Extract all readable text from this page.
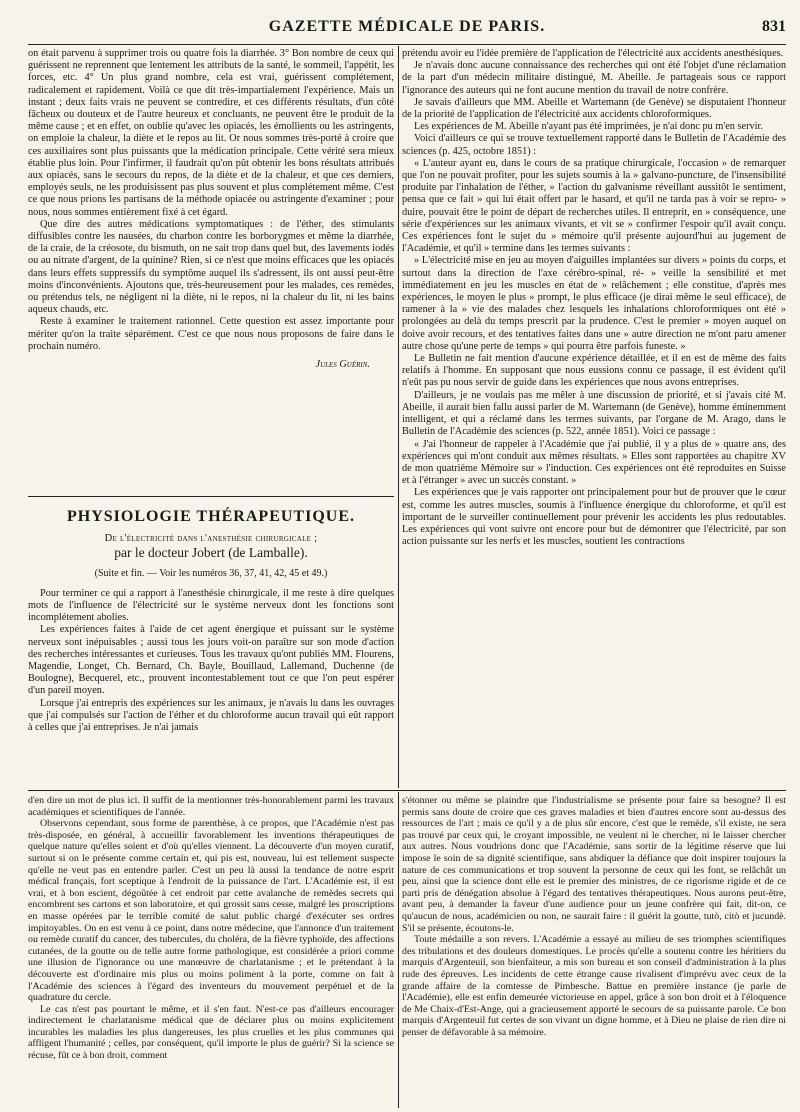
GAZETTE MÉDICALE DE PARIS.	831

on était parvenu à supprimer trois ou quatre fois la diarrhée. 3° Bon nombre de ceux qui guérissent ne reprennent que lentement les attributs de la santé, le sommeil, l'appétit, les forces, etc. 4° Un plus grand nombre, cela est vrai, guérissent complétement, radicalement et rapidement. Voilà ce que dit très-impartialement l'expérience. Mais un instant ; deux faits vrais ne peuvent se contredire, et ces différents résultats, d'un côté fâcheux ou douteux et de l'autre heureux et concluants, ne peuvent être le produit de la même cause ; et en effet, on oublie qu'avec les opiacés, les émollients ou les astringents, on emploie la chaleur, la diète et le repos au lit. Or nous sommes très-porté à croire que ces auxiliaires sont plus puissants que la médication principale. Cette vérité sera mieux établie plus loin. Pour l'infirmer, il faudrait qu'on pût obtenir les bons résultats attribués aux opiacés, sans le secours du repos, de la diète et de la chaleur, et que ces derniers, employés seuls, ne les produisissent pas plus souvent et plus complétement même. C'est ce que nous prions les partisans de la méthode opiacée ou astringente d'examiner ; pour nous, nous sommes entièrement fixé à cet égard.

Que dire des autres médications symptomatiques : de l'éther, des stimulants diffusibles contre les nausées, du charbon contre les borborygmes et même la diarrhée, de la craie, de la créosote, du bismuth, on ne sait trop dans quel but, des lavements iodés ou au nitrate d'argent, de la quinine? Rien, si ce n'est que moins efficaces que les opiacés dans leurs effets suppressifs du symptôme auquel ils s'adressent, ils ont aussi peut-être moins d'inconvénients. Ajoutons que, très-heureusement pour les malades, ces remèdes, ou prétendus tels, ne négligent ni la diète, ni le repos, ni la chaleur du lit, ni les bains aqueux chauds, etc.

Reste à examiner le traitement rationnel. Cette question est assez importante pour mériter qu'on la traite séparément. C'est ce que nous nous proposons de faire dans le prochain numéro.

Jules Guérin.
PHYSIOLOGIE THÉRAPEUTIQUE.
De l'électricité dans l'anesthésie chirurgicale ;
par le docteur Jobert (de Lamballe).
(Suite et fin. — Voir les numéros 36, 37, 41, 42, 45 et 49.)

Pour terminer ce qui a rapport à l'anesthésie chirurgicale, il me reste à dire quelques mots de l'influence de l'électricité sur le système nerveux dont les fonctions sont incomplétement abolies.

Les expériences faites à l'aide de cet agent énergique et puissant sur le système nerveux sont inépuisables ; aussi tous les jours voit-on paraître sur son mode d'action des recherches intéressantes et curieuses. Tous les travaux qu'ont publiés MM. Flourens, Magendie, Longet, Ch. Bernard, Ch. Bayle, Bouillaud, Lallemand, Duchenne (de Boulogne), Becquerel, etc., prouvent incontestablement tout ce que l'on peut espérer d'un pareil moyen.

Lorsque j'ai entrepris des expériences sur les animaux, je n'avais lu dans les ouvrages que j'ai compulsés sur l'action de l'éther et du chloroforme aucun travail qui eût rapport à celles que j'ai entreprises. Je n'ai jamais

prétendu avoir eu l'idée première de l'application de l'électricité aux accidents anesthésiques.

Je n'avais donc aucune connaissance des recherches qui ont été l'objet d'une réclamation de la part d'un médecin militaire distingué, M. Abeille. Je partageais sous ce rapport l'ignorance des auteurs qui ne font aucune mention du travail de notre confrère.

Je savais d'ailleurs que MM. Abeille et Wartemann (de Genève) se disputaient l'honneur de la priorité de l'application de l'électricité aux accidents chloroformiques.

Les expériences de M. Abeille n'ayant pas été imprimées, je n'ai donc pu m'en servir.

Voici d'ailleurs ce qui se trouve textuellement rapporté dans le Bulletin de l'Académie des sciences (p. 425, octobre 1851) :

« L'auteur ayant eu, dans le cours de sa pratique chirurgicale, l'occasion » de remarquer que l'on ne pouvait profiter, pour les sujets soumis à la » galvano-puncture, de l'insensibilité produite par l'inhalation de l'éther, » l'action du galvanisme réveillant aussitôt le sentiment, pensa que ce fait » qui lui était offert par le hasard, et qu'il ne tarda pas à voir se repro- » duire, pouvait être le point de départ de recherches utiles. Il entreprit, en » conséquence, une série d'expériences sur les animaux vivants, et vit se » confirmer l'espoir qu'il avait conçu. Ces expériences font le sujet du » mémoire qu'il présente aujourd'hui au jugement de l'Académie, et qu'il » termine dans les termes suivants :

» L'électricité mise en jeu au moyen d'aiguilles implantées sur divers » points du corps, et surtout dans la direction de l'axe cérébro-spinal, ré- » veille la sensibilité et met immédiatement en jeu les muscles en état de » relâchement ; elle constitue, d'après mes expériences, le moyen le plus » prompt, le plus efficace (je dirai même le seul efficace), de ramener à la » vie des malades chez lesquels les inhalations chloroformiques ont été » prolongées au delà du temps prescrit par la prudence. C'est le premier » moyen auquel on doive avoir recours, et des tentatives faites dans une » autre direction ne m'ont paru amener autre chose qu'une perte de temps » qui pourra être parfois funeste. »

Le Bulletin ne fait mention d'aucune expérience détaillée, et il en est de même des faits relatifs à l'homme. En supposant que nous eussions connu ce passage, il est évident qu'il n'eût pas pu nous servir de guide dans les expériences que nous avons entreprises.

D'ailleurs, je ne voulais pas me mêler à une discussion de priorité, et si j'avais cité M. Abeille, il aurait bien fallu aussi parler de M. Wartemann (de Genève), homme éminemment intelligent, et qui a réclamé dans les termes suivants, par l'organe de M. Arago, dans le Bulletin de l'Académie des sciences (p. 522, année 1851). Voici ce passage :

« J'ai l'honneur de rappeler à l'Académie que j'ai publié, il y a plus de » quatre ans, des expériences qui m'ont conduit aux mêmes résultats. » Elles sont rapportées au chapitre XV de mon quatrième Mémoire sur » l'induction. Ces expériences ont été reproduites en Suisse et à l'étranger » avec un succès constant. »

Les expériences que je vais rapporter ont principalement pour but de prouver que le cœur est, comme les autres muscles, soumis à l'influence énergique du chloroforme, et qu'il est important de le surveiller continuellement pour prévenir les accidents les plus redoutables. Les expériences qui vont suivre ont encore pour but de démontrer que l'électricité, par son action puissante sur les nerfs et les muscles, soutient les contractions

d'en dire un mot de plus ici. Il suffit de la mentionner très-honorablement parmi les travaux académiques et scientifiques de l'année.

Observons cependant, sous forme de parenthèse, à ce propos, que l'Académie n'est pas très-disposée, en général, à accueillir favorablement les inventions thérapeutiques de quelque nature qu'elles soient et d'où qu'elles viennent. La découverte d'un moyen curatif, surtout si on le présente comme certain et, qui pis est, nouveau, lui est tellement suspecte qu'elle ne veut pas en entendre parler. C'est un peu là aussi la tendance de notre esprit médical français, fort sceptique à l'endroit de la puissance de l'art. L'Académie est, il est vrai, et à bon escient, dégoûtée à cet endroit par cette avalanche de remèdes secrets qui encombrent ses cartons et son laboratoire, et qui grossit sans cesse, malgré les proscriptions en masse opérées par le terrible comité de salut public chargé d'exécuter ses ordres impitoyables. On en est venu à ce point, dans notre médecine, que l'annonce d'un traitement ou remède curatif du cancer, des tubercules, du choléra, de la fièvre typhoïde, des affections cutanées, de la goutte ou de telle autre forme pathologique, est considérée a priori comme une illusion de l'ignorance ou une manœuvre de charlatanisme ; et le prétendant à la découverte est d'ordinaire mis plus ou moins poliment à la porte, comme on fait à l'Académie des sciences à l'égard des inventeurs du mouvement perpétuel et de la quadrature du cercle.

Le cas n'est pas pourtant le même, et il s'en faut. N'est-ce pas d'ailleurs encourager indirectement le charlatanisme médical que de déclarer plus ou moins explicitement incurables les maladies les plus dangereuses, les plus cruelles et les plus communes qui affligent l'humanité ; celles, par conséquent, qu'il importe le plus de guérir? Si la science se récuse, fût ce à bon droit, comment

s'étonner ou même se plaindre que l'industrialisme se présente pour faire sa besogne? Il est permis sans doute de croire que ces graves maladies et bien d'autres encore sont au-dessus des ressources de l'art ; mais ce qu'il y a de plus sûr encore, c'est que le remède, s'il existe, ne sera pas trouvé par ceux qui, le croyant impossible, ne veulent ni le chercher, ni le laisser chercher aux autres. Nous voudrions donc que l'Académie, sans sortir de la légitime réserve que lui impose le soin de sa dignité scientifique, sans abdiquer la défiance que doit inspirer toujours la nature de ces communications et trop souvent la personne de ceux qui les font, se relâchât un peu, ainsi que la science dont elle est le premier des ministres, de ce rigorisme rigide et de ce parti pris de dénégation absolue à l'égard des tentatives thérapeutiques. Nous aurons peut-être, avant peu, à demander la faveur d'une audience pour un jeune confrère qui fait, dit-on, ce qu'aucun de nous, académicien ou non, ne saurait faire : il guérit la goutte, tutò, citò et jucundè. S'il se présente, écoutons-le.

Toute médaille a son revers. L'Académie a essayé au milieu de ses triomphes scientifiques des tribulations et des douleurs domestiques. Le procès qu'elle a soutenu contre les héritiers du marquis d'Argenteuil, son bienfaiteur, a mis son bureau et son conseil d'administration à la plus rude des épreuves. Les incidents de cette étrange cause rivalisent d'imprévu avec ceux de la grande affaire de la comtesse de Pimbesche. Battue en première instance (je parle de l'Académie), elle est enfin demeurée victorieuse en appel, grâce à son bon droit et à l'éloquence de Me Chaix-d'Est-Ange, qui a gracieusement apporté le secours de sa puissante parole. Ce bon marquis d'Argenteuil fut certes de son vivant un digne homme, et à Dieu ne plaise de rien dire ni penser de défavorable à sa mémoire.
